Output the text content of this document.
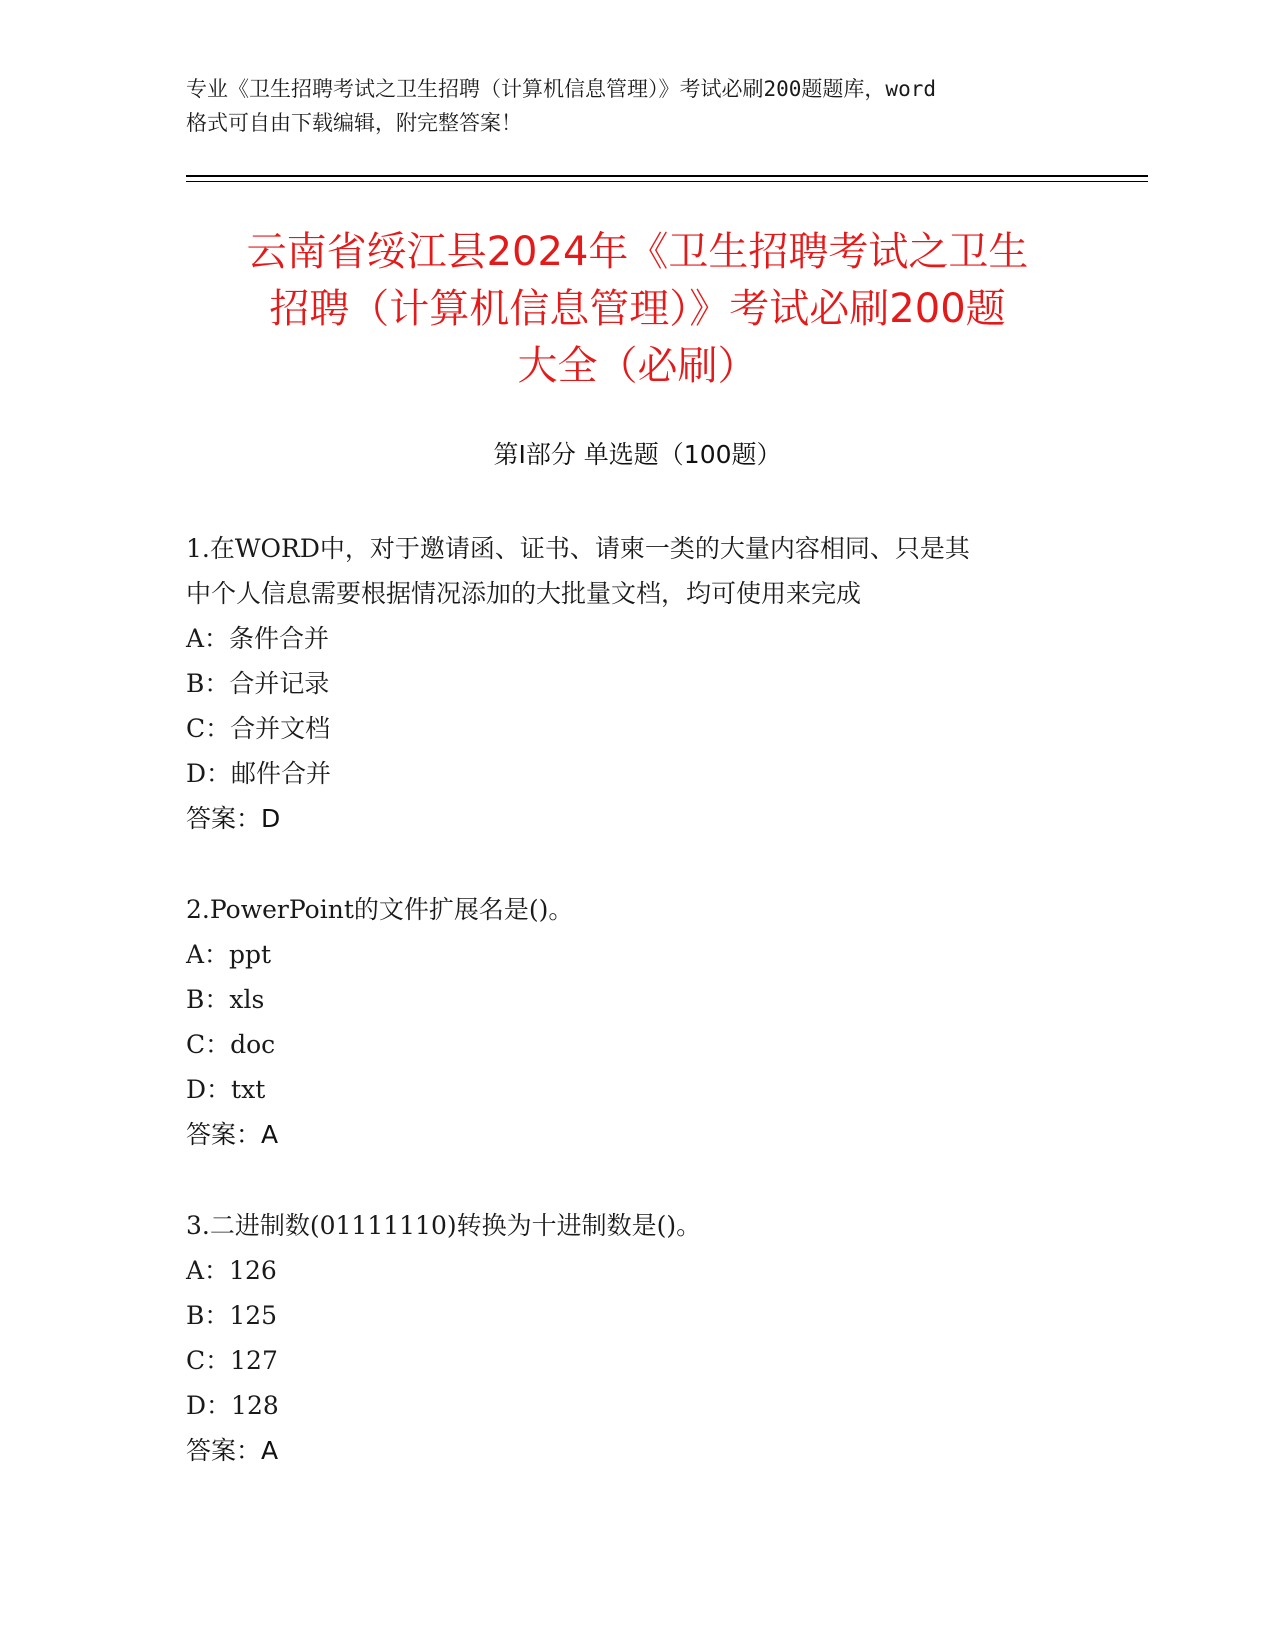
专业《卫生招聘考试之卫生招聘（计算机信息管理）》考试必刷200题题库，word
格式可自由下载编辑，附完整答案！
云南省绥江县2024年《卫生招聘考试之卫生
招聘（计算机信息管理）》考试必刷200题
大全（必刷）
第Ⅰ部分 单选题（100题）
1.在WORD中，对于邀请函、证书、请柬一类的大量内容相同、只是其
中个人信息需要根据情况添加的大批量文档，均可使用来完成
A：条件合并
B：合并记录
C：合并文档
D：邮件合并
答案：D
2.PowerPoint的文件扩展名是()。
A：ppt
B：xls
C：doc
D：txt
答案：A
3.二进制数(01111110)转换为十进制数是()。
A：126
B：125
C：127
D：128
答案：A
